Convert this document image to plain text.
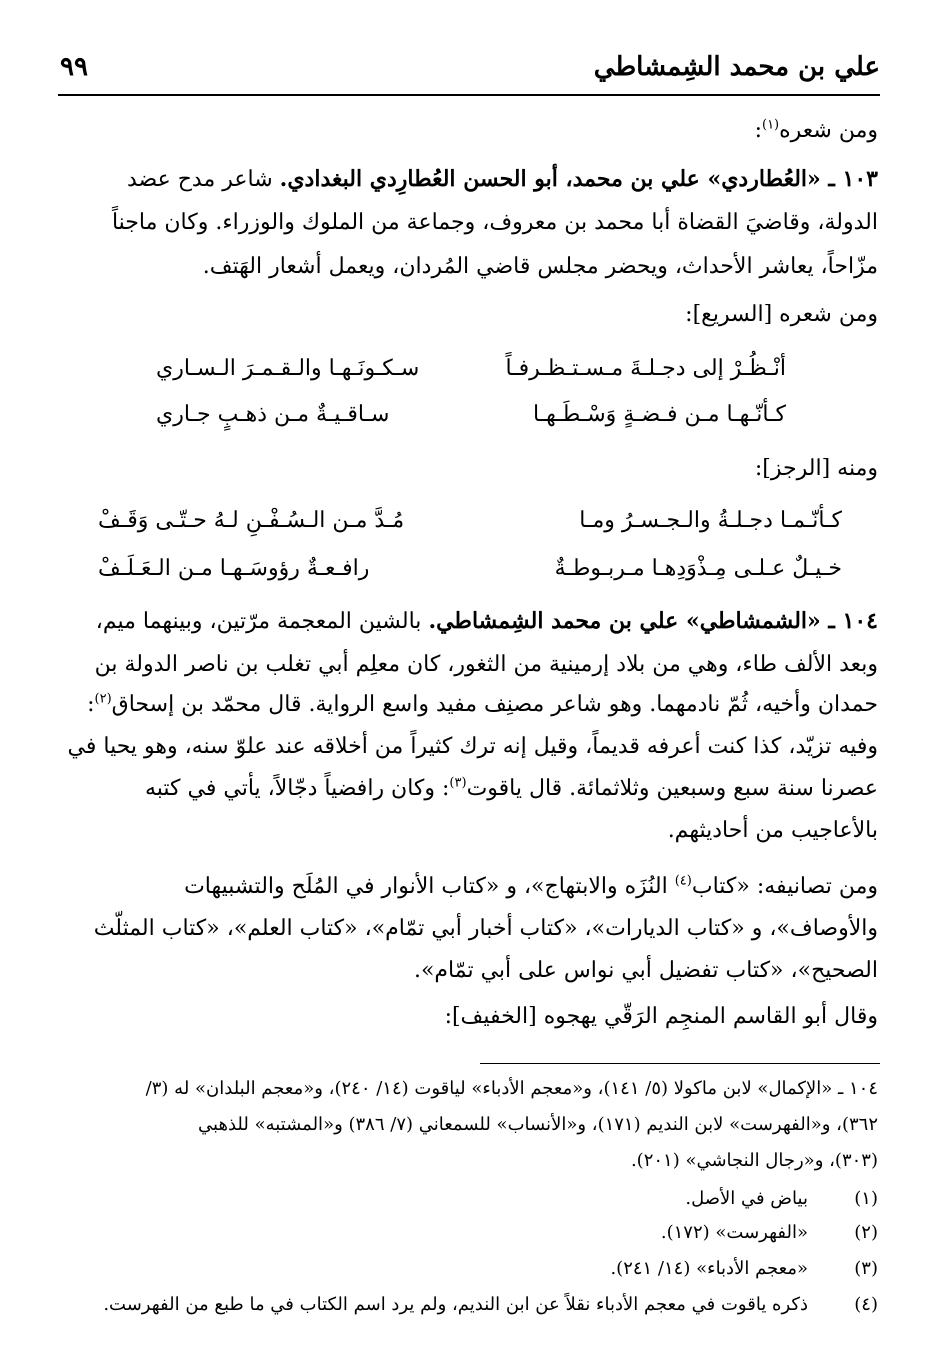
علي بن محمد الشِمشاطي
٩٩
ومن شعره$^{(١)}$:
١٠٣ ـ «العُطاردي» علي بن محمد، أبو الحسن العُطارِدي البغدادي. شاعر مدح عضد
الدولة، وقاضيَ القضاة أبا محمد بن معروف، وجماعة من الملوك والوزراء. وكان ماجناً
مزّاحاً، يعاشر الأحداث، ويحضر مجلس قاضي المُردان، ويعمل أشعار الهَتف.
ومن شعره [السريع]:
أنْـظُـرْ إلى دجـلـةَ مـسـتـظـرفـاً
سـكـونَـهـا والـقـمـرَ الـسـاري
كـأنّـهـا مـن فـضـةٍ وَسْـطَـهـا
سـاقـيـةٌ مـن ذهـبٍ جـاري
ومنه [الرجز]:
كـأنّـمـا دجـلـةُ والـجـسـرُ ومـا
مُـدَّ مـن الـسُـفْـنِ لـهُ حـتّـى وَقَـفْ
خـيـلٌ عـلـى مِـذْوَدِهـا مـربـوطـةٌ
رافـعـةٌ رؤوسَـهـا مـن الـعَـلَـفْ
١٠٤ ـ «الشمشاطي» علي بن محمد الشِمشاطي. بالشين المعجمة مرّتين، وبينهما ميم،
وبعد الألف طاء، وهي من بلاد إرمينية من الثغور، كان معلِم أبي تغلب بن ناصر الدولة بن
حمدان وأخيه، ثُمّ نادمهما. وهو شاعر مصنِف مفيد واسع الرواية. قال محمّد بن إسحاق$^{(٢)}$:
وفيه تزيّد، كذا كنت أعرفه قديماً، وقيل إنه ترك كثيراً من أخلاقه عند علوّ سنه، وهو يحيا في
عصرنا سنة سبع وسبعين وثلاثمائة. قال ياقوت$^{(٣)}$: وكان رافضياً دجّالاً، يأتي في كتبه
بالأعاجيب من أحاديثهم.
ومن تصانيفه: «كتاب$^{(٤)}$ النُزَه والابتهاج»، و «كتاب الأنوار في المُلَح والتشبيهات
والأوصاف»، و «كتاب الديارات»، «كتاب أخبار أبي تمّام»، «كتاب العلم»، «كتاب المثلّث
الصحيح»، «كتاب تفضيل أبي نواس على أبي تمّام».
وقال أبو القاسم المنجِم الرَقّي يهجوه [الخفيف]:
١٠٤ ـ «الإكمال» لابن ماكولا (٥/ ١٤١)، و«معجم الأدباء» لياقوت (١٤/ ٢٤٠)، و«معجم البلدان» له (٣/
٣٦٢)، و«الفهرست» لابن النديم (١٧١)، و«الأنساب» للسمعاني (٧/ ٣٨٦) و«المشتبه» للذهبي
(٣٠٣)، و«رجال النجاشي» (٢٠١).
(١)
بياض في الأصل.
(٢)
«الفهرست» (١٧٢).
(٣)
«معجم الأدباء» (١٤/ ٢٤١).
(٤)
ذكره ياقوت في معجم الأدباء نقلاً عن ابن النديم، ولم يرد اسم الكتاب في ما طبع من الفهرست.
